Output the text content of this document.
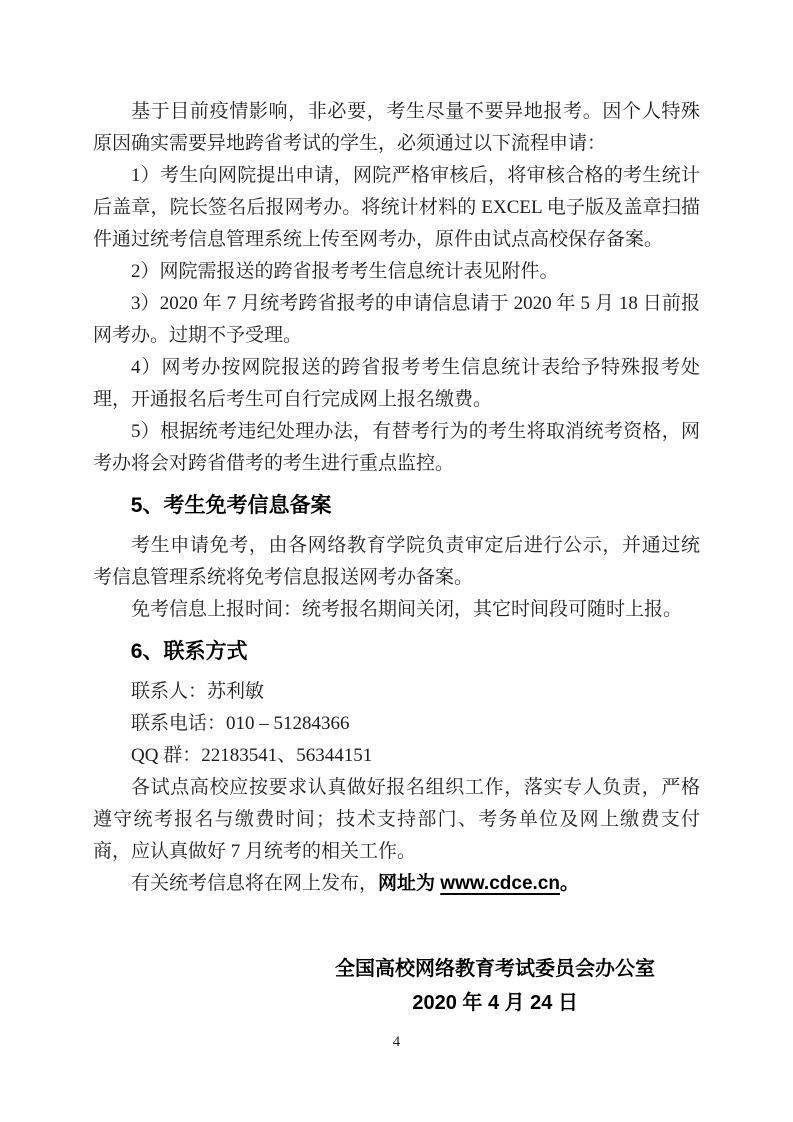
基于目前疫情影响，非必要，考生尽量不要异地报考。因个人特殊原因确实需要异地跨省考试的学生，必须通过以下流程申请：

1）考生向网院提出申请，网院严格审核后，将审核合格的考生统计后盖章，院长签名后报网考办。将统计材料的 EXCEL 电子版及盖章扫描件通过统考信息管理系统上传至网考办，原件由试点高校保存备案。

2）网院需报送的跨省报考考生信息统计表见附件。

3）2020 年 7 月统考跨省报考的申请信息请于 2020 年 5 月 18 日前报网考办。过期不予受理。

4）网考办按网院报送的跨省报考考生信息统计表给予特殊报考处理，开通报名后考生可自行完成网上报名缴费。

5）根据统考违纪处理办法，有替考行为的考生将取消统考资格，网考办将会对跨省借考的考生进行重点监控。

5、考生免考信息备案

考生申请免考，由各网络教育学院负责审定后进行公示，并通过统考信息管理系统将免考信息报送网考办备案。

免考信息上报时间：统考报名期间关闭，其它时间段可随时上报。

6、联系方式

联系人：苏利敏

联系电话：010 – 51284366

QQ 群：22183541、56344151

各试点高校应按要求认真做好报名组织工作，落实专人负责，严格遵守统考报名与缴费时间；技术支持部门、考务单位及网上缴费支付商，应认真做好 7 月统考的相关工作。

有关统考信息将在网上发布，网址为 www.cdce.cn。

全国高校网络教育考试委员会办公室
2020 年 4 月 24 日
4
